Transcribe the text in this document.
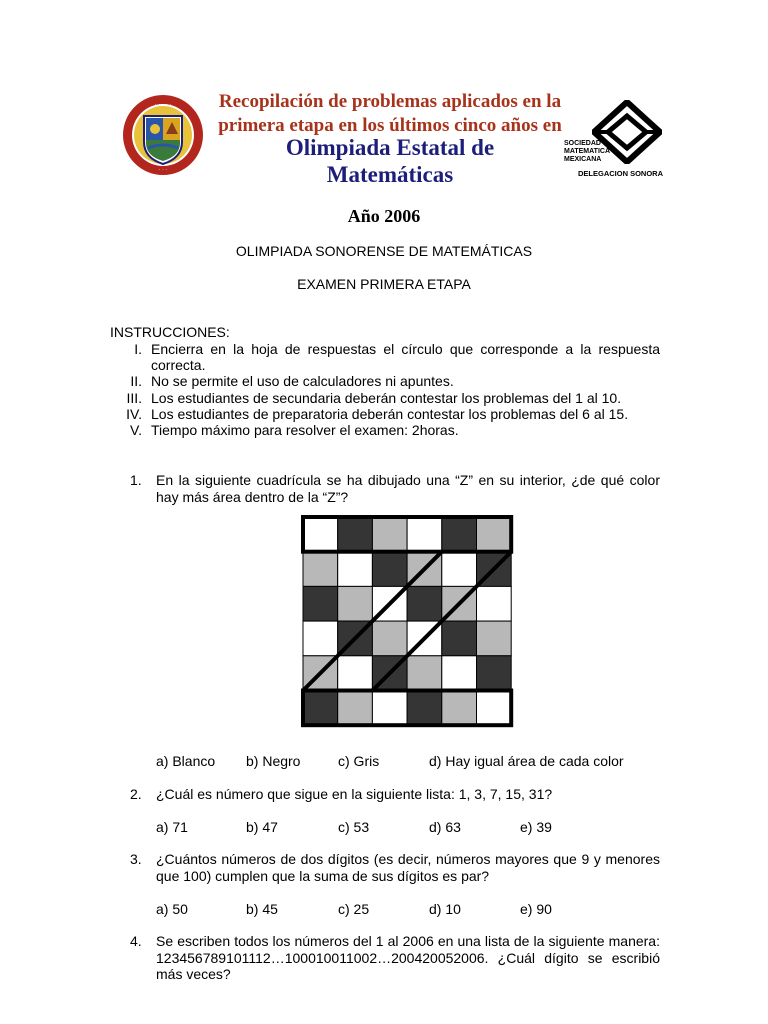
· · · · ·
· · ·
Recopilación de problemas aplicados en la
primera etapa en los últimos cinco años en
Olimpiada Estatal de
Matemáticas
SOCIEDAD
MATEMATICA
MEXICANA
DELEGACION SONORA
Año 2006
OLIMPIADA SONORENSE DE MATEMÁTICAS
EXAMEN PRIMERA ETAPA
INSTRUCCIONES:
I. Encierra en la hoja de respuestas el círculo que corresponde a la respuesta correcta.
II. No se permite el uso de calculadores ni apuntes.
III. Los estudiantes de secundaria deberán contestar los problemas del 1 al 10.
IV. Los estudiantes de preparatoria deberán contestar los problemas del 6 al 15.
V. Tiempo máximo para resolver el examen: 2horas.
1.	En la siguiente cuadrícula se ha dibujado una “Z” en su interior, ¿de qué color hay más área dentro de la “Z”?
a) Blanco b) Negro	c) Gris	d) Hay igual área de cada color
2.	¿Cuál es número que sigue en la siguiente lista: 1, 3, 7, 15, 31?
a) 71	b) 47	c) 53	d) 63	e) 39
3.	¿Cuántos números de dos dígitos (es decir, números mayores que 9 y menores que 100) cumplen que la suma de sus dígitos es par?
a) 50	b) 45	c) 25	d) 10	e) 90
4.	Se escriben todos los números del 1 al 2006 en una lista de la siguiente manera: 123456789101112…100010011002…200420052006. ¿Cuál dígito se escribió más veces?
